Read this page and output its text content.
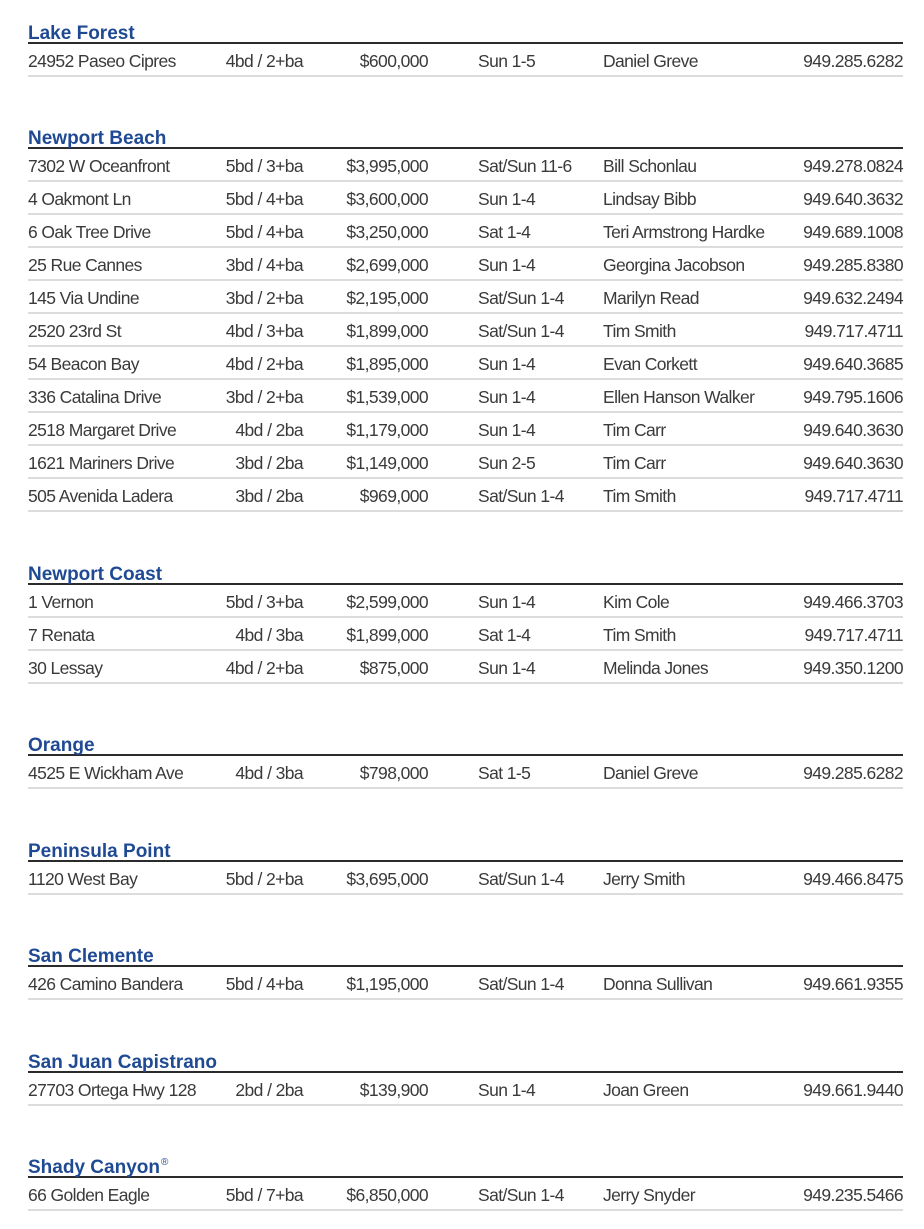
Lake Forest
24952 Paseo Cipres	4bd / 2+ba	$600,000	Sun 1-5	Daniel Greve	949.285.6282
Newport Beach
7302 W Oceanfront	5bd / 3+ba $3,995,000	Sat/Sun 11-6 Bill Schonlau	949.278.0824
4 Oakmont Ln	5bd / 4+ba $3,600,000	Sun 1-4	Lindsay Bibb	949.640.3632
6 Oak Tree Drive	5bd / 4+ba $3,250,000	Sat 1-4	Teri Armstrong Hardke 949.689.1008
25 Rue Cannes	3bd / 4+ba $2,699,000	Sun 1-4	Georgina Jacobson	949.285.8380
145 Via Undine	3bd / 2+ba $2,195,000	Sat/Sun 1-4 Marilyn Read	949.632.2494
2520 23rd St	4bd / 3+ba $1,899,000	Sat/Sun 1-4 Tim Smith	949.717.4711
54 Beacon Bay	4bd / 2+ba $1,895,000	Sun 1-4	Evan Corkett	949.640.3685
336 Catalina Drive	3bd / 2+ba $1,539,000	Sun 1-4	Ellen Hanson Walker	949.795.1606
2518 Margaret Drive	4bd / 2ba $1,179,000	Sun 1-4	Tim Carr	949.640.3630
1621 Mariners Drive	3bd / 2ba $1,149,000	Sun 2-5	Tim Carr	949.640.3630
505 Avenida Ladera	3bd / 2ba	$969,000	Sat/Sun 1-4 Tim Smith	949.717.4711
Newport Coast
1 Vernon	5bd / 3+ba $2,599,000	Sun 1-4	Kim Cole	949.466.3703
7 Renata	4bd / 3ba $1,899,000	Sat 1-4	Tim Smith	949.717.4711
30 Lessay	4bd / 2+ba	$875,000	Sun 1-4	Melinda Jones	949.350.1200
Orange
4525 E Wickham Ave	4bd / 3ba	$798,000	Sat 1-5	Daniel Greve	949.285.6282
Peninsula Point
1120 West Bay	5bd / 2+ba $3,695,000	Sat/Sun 1-4 Jerry Smith	949.466.8475
San Clemente
426 Camino Bandera 5bd / 4+ba $1,195,000	Sat/Sun 1-4 Donna Sullivan	949.661.9355
San Juan Capistrano
27703 Ortega Hwy 128 2bd / 2ba	$139,900	Sun 1-4	Joan Green	949.661.9440
Shady Canyon®
66 Golden Eagle	5bd / 7+ba $6,850,000	Sat/Sun 1-4 Jerry Snyder	949.235.5466
